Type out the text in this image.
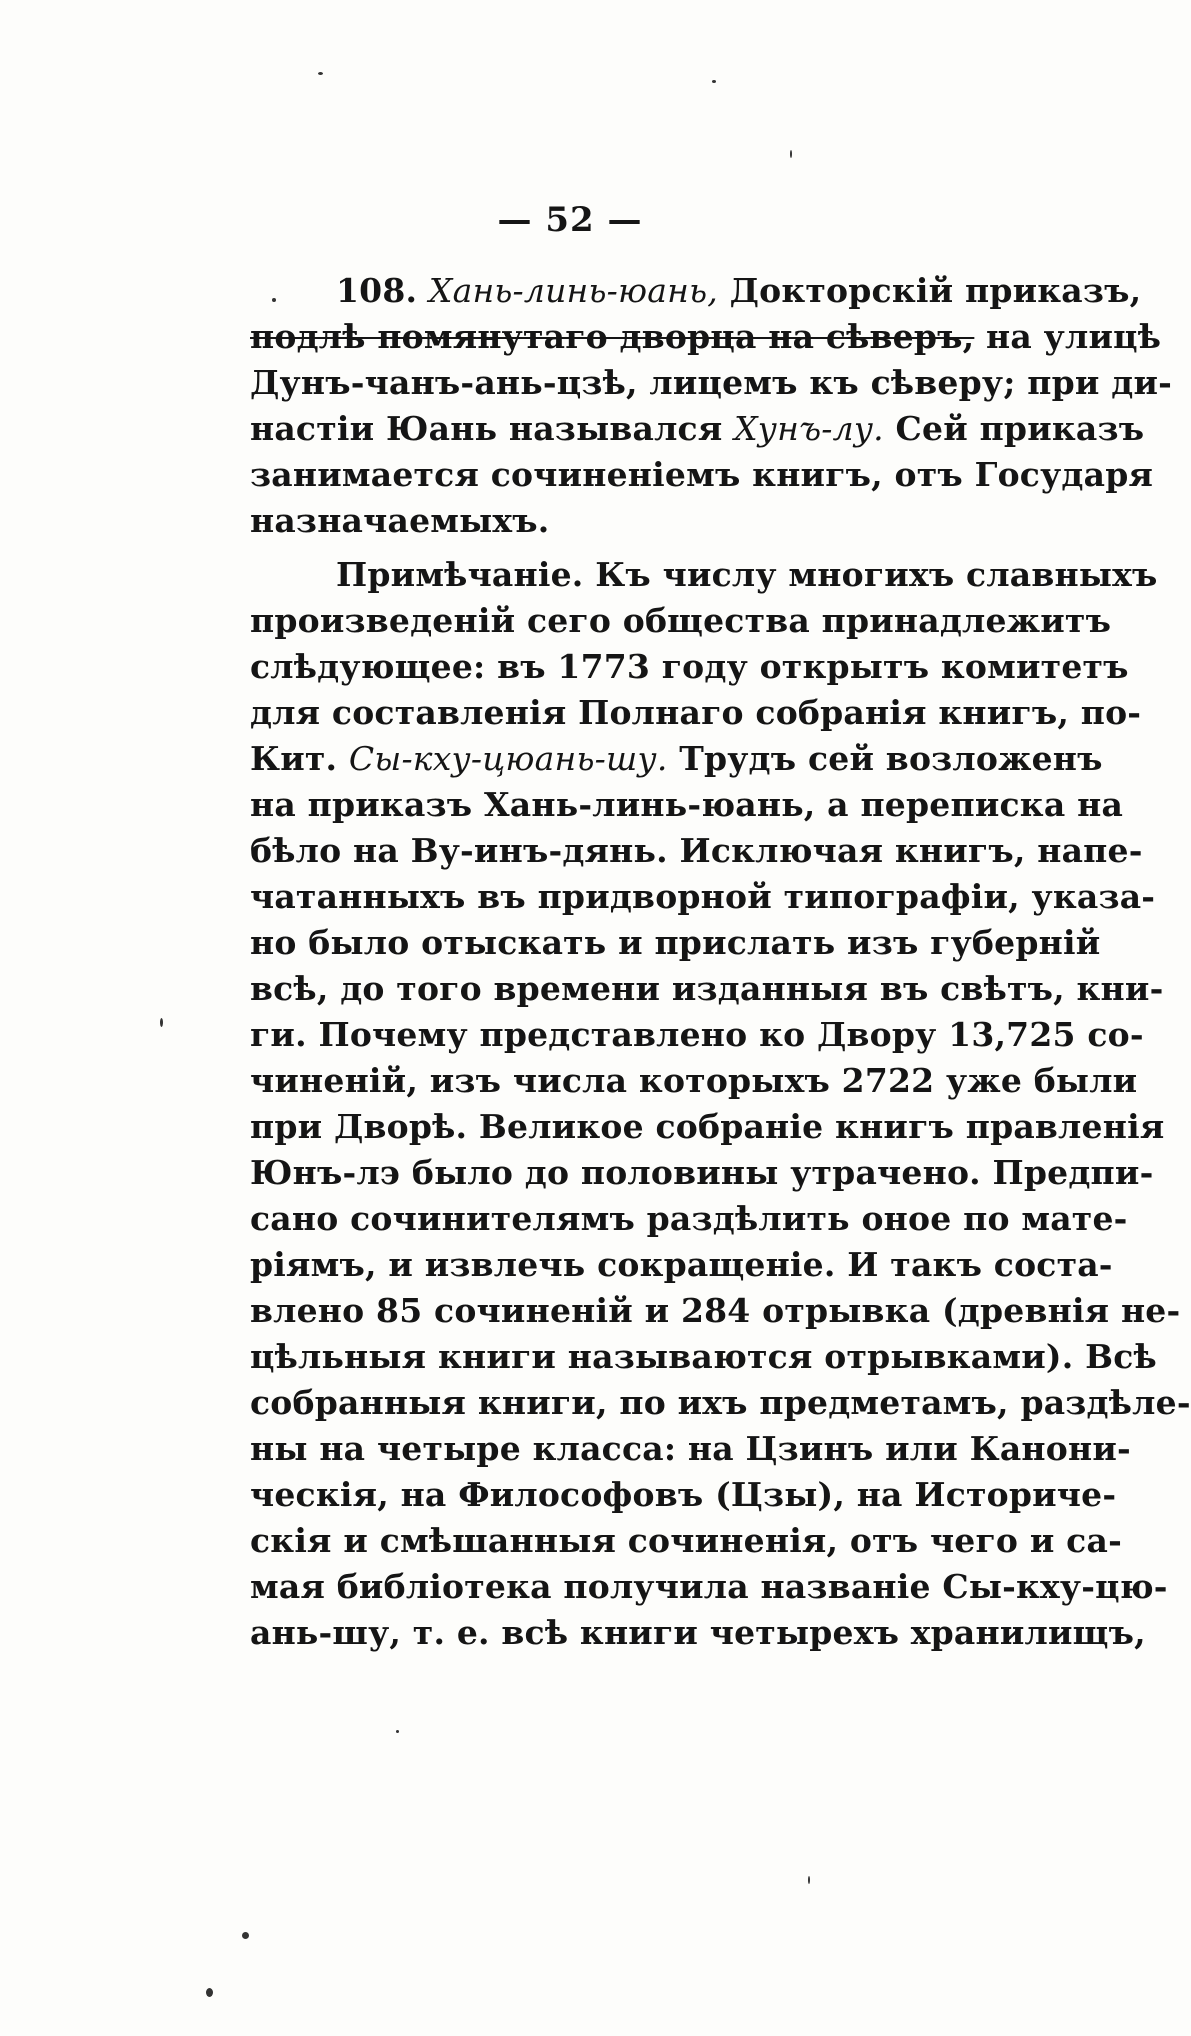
— 52 —
108. Хань-линь-юань, Докторскій приказъ,
подлѣ помянутаго дворца на сѣверъ, на улицѣ
Дунъ-чанъ-ань-цзѣ, лицемъ къ сѣверу; при ди-
настіи Юань назывался Хунъ-лу. Сей приказъ
занимается сочиненіемъ книгъ, отъ Государя
назначаемыхъ.
Примѣчаніе. Къ числу многихъ славныхъ
произведеній сего общества принадлежитъ
слѣдующее: въ 1773 году открытъ комитетъ
для составленія Полнаго собранія книгъ, по-
Кит. Сы-кху-цюань-шу. Трудъ сей возложенъ
на приказъ Хань-линь-юань, а переписка на
бѣло на Ву-инъ-дянь. Исключая книгъ, напе-
чатанныхъ въ придворной типографіи, указа-
но было отыскать и прислать изъ губерній
всѣ, до того времени изданныя въ свѣтъ, кни-
ги. Почему представлено ко Двору 13,725 со-
чиненій, изъ числа которыхъ 2722 уже были
при Дворѣ. Великое собраніе книгъ правленія
Юнъ-лэ было до половины утрачено. Предпи-
сано сочинителямъ раздѣлить оное по мате-
ріямъ, и извлечь сокращеніе. И такъ соста-
влено 85 сочиненій и 284 отрывка (древнія не-
цѣльныя книги называются отрывками). Всѣ
собранныя книги, по ихъ предметамъ, раздѣле-
ны на четыре класса: на Цзинъ или Канони-
ческія, на Философовъ (Цзы), на Историче-
скія и смѣшанныя сочиненія, отъ чего и са-
мая библіотека получила названіе Сы-кху-цю-
ань-шу, т. е. всѣ книги четырехъ хранилищъ,
